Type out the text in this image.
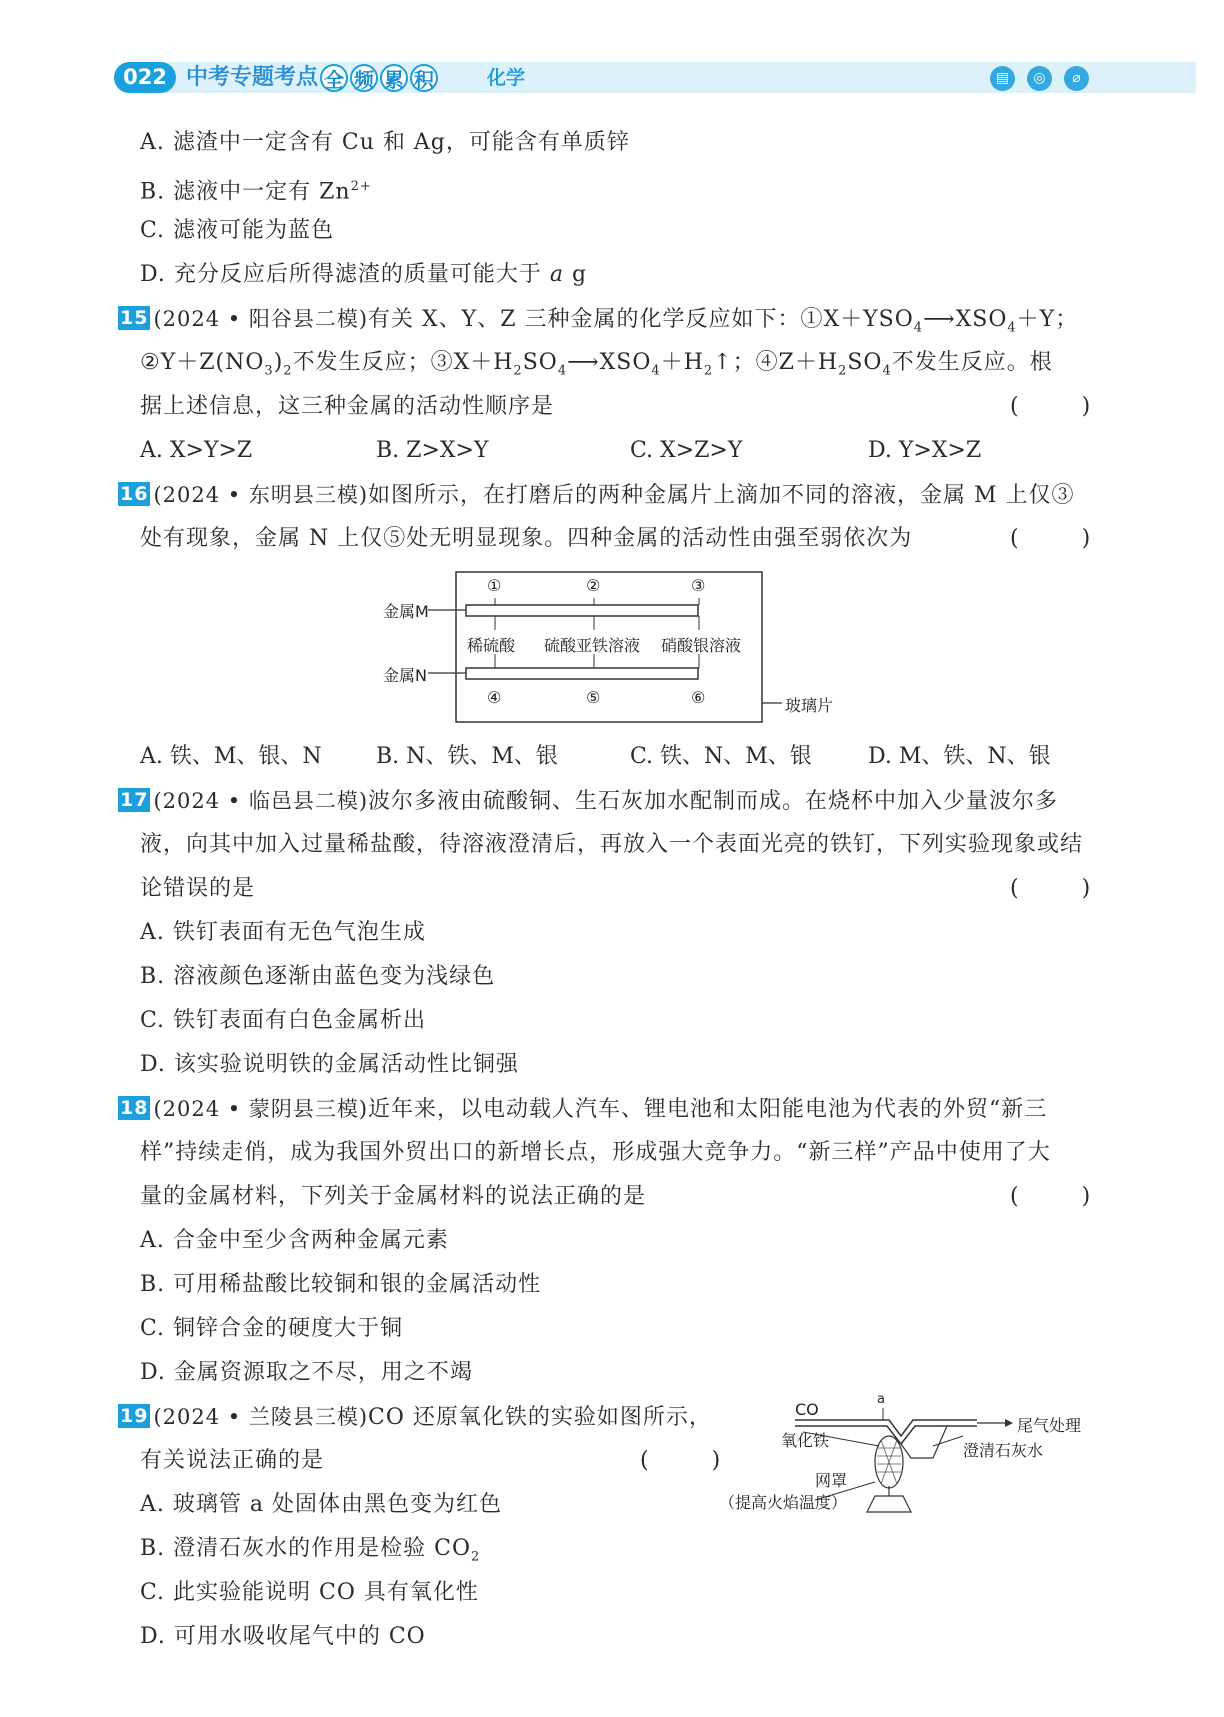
022 中考专题考点 全 频 累 积	化学	▤	◎	⌀
A. 滤渣中一定含有 Cu 和 Ag，可能含有单质锌
B. 滤液中一定有 $Zn^{2+}$
C. 滤液可能为蓝色
D. 充分反应后所得滤渣的质量可能大于 a g
15 (2024 • 阳谷县二模)有关 X、Y、Z 三种金属的化学反应如下：$①X+YSO_4⟶XSO_4+Y$；
$②Y+Z(NO_3)_2$不发生反应；$③X+H_2SO_4⟶XSO_4+H_2↑$；$④Z+H_2SO_4$不发生反应。根
据上述信息，这三种金属的活动性顺序是	( )
A. X>Y>Z	B. Z>X>Y	C. X>Z>Y	D. Y>X>Z
16 (2024 • 东明县三模)如图所示，在打磨后的两种金属片上滴加不同的溶液，金属 M 上仅③
处有现象，金属 N 上仅⑤处无明显现象。四种金属的活动性由强至弱依次为	( )
金属M
金属N
玻璃片
①	②	③
稀硫酸 硫酸亚铁溶液 硝酸银溶液
④	⑤	⑥
A. 铁、M、银、N B. N、铁、M、银	C. 铁、N、M、银	D. M、铁、N、银
17 (2024 • 临邑县二模)波尔多液由硫酸铜、生石灰加水配制而成。在烧杯中加入少量波尔多
液，向其中加入过量稀盐酸，待溶液澄清后，再放入一个表面光亮的铁钉，下列实验现象或结
论错误的是	( )
A. 铁钉表面有无色气泡生成
B. 溶液颜色逐渐由蓝色变为浅绿色
C. 铁钉表面有白色金属析出
D. 该实验说明铁的金属活动性比铜强
18 (2024 • 蒙阴县三模)近年来，以电动载人汽车、锂电池和太阳能电池为代表的外贸“新三
样”持续走俏，成为我国外贸出口的新增长点，形成强大竞争力。“新三样”产品中使用了大
量的金属材料，下列关于金属材料的说法正确的是	( )
A. 合金中至少含两种金属元素
B. 可用稀盐酸比较铜和银的金属活动性
C. 铜锌合金的硬度大于铜
D. 金属资源取之不尽，用之不竭
19 (2024 • 兰陵县三模)CO 还原氧化铁的实验如图所示，
有关说法正确的是	( )
A. 玻璃管 a 处固体由黑色变为红色
B. 澄清石灰水的作用是检验 $CO_2$
C. 此实验能说明 CO 具有氧化性
D. 可用水吸收尾气中的 CO
CO
a
尾气处理
氧化铁
澄清石灰水
网罩
（提高火焰温度）
